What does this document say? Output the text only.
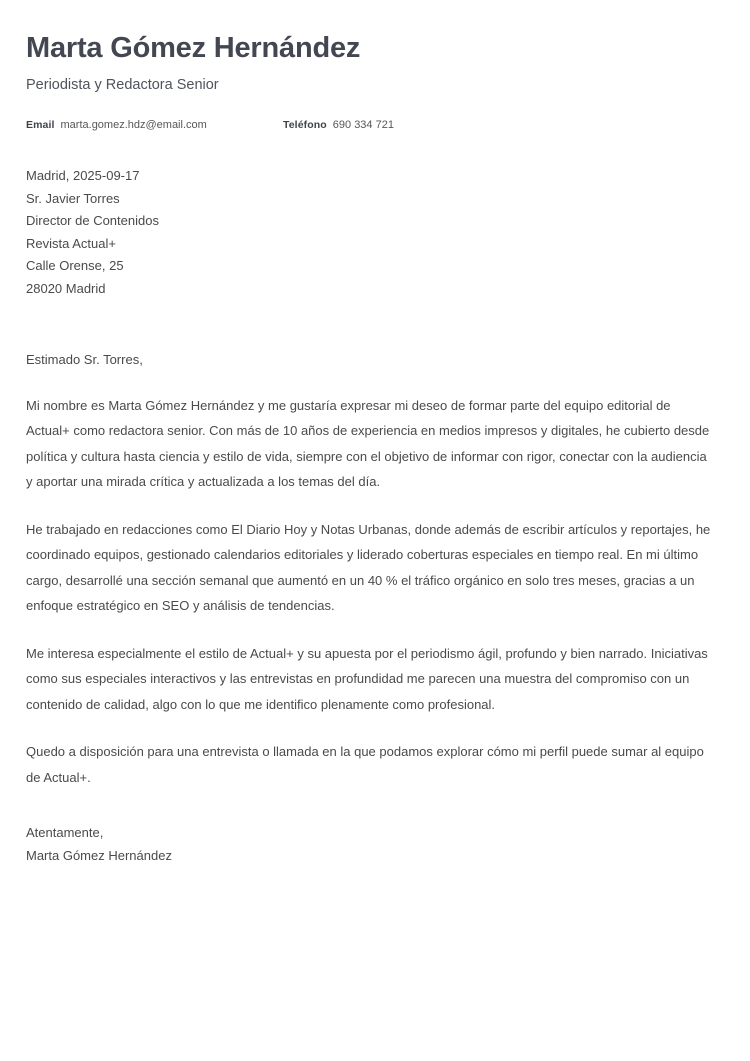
Marta Gómez Hernández
Periodista y Redactora Senior
Email marta.gomez.hdz@email.com	Teléfono 690 334 721
Madrid, 2025-09-17
Sr. Javier Torres
Director de Contenidos
Revista Actual+
Calle Orense, 25
28020 Madrid

Estimado Sr. Torres,

Mi nombre es Marta Gómez Hernández y me gustaría expresar mi deseo de formar parte del equipo editorial de Actual+ como redactora senior. Con más de 10 años de experiencia en medios impresos y digitales, he cubierto desde política y cultura hasta ciencia y estilo de vida, siempre con el objetivo de informar con rigor, conectar con la audiencia y aportar una mirada crítica y actualizada a los temas del día.

He trabajado en redacciones como El Diario Hoy y Notas Urbanas, donde además de escribir artículos y reportajes, he coordinado equipos, gestionado calendarios editoriales y liderado coberturas especiales en tiempo real. En mi último cargo, desarrollé una sección semanal que aumentó en un 40 % el tráfico orgánico en solo tres meses, gracias a un enfoque estratégico en SEO y análisis de tendencias.

Me interesa especialmente el estilo de Actual+ y su apuesta por el periodismo ágil, profundo y bien narrado. Iniciativas como sus especiales interactivos y las entrevistas en profundidad me parecen una muestra del compromiso con un contenido de calidad, algo con lo que me identifico plenamente como profesional.

Quedo a disposición para una entrevista o llamada en la que podamos explorar cómo mi perfil puede sumar al equipo de Actual+.

Atentamente,
Marta Gómez Hernández
